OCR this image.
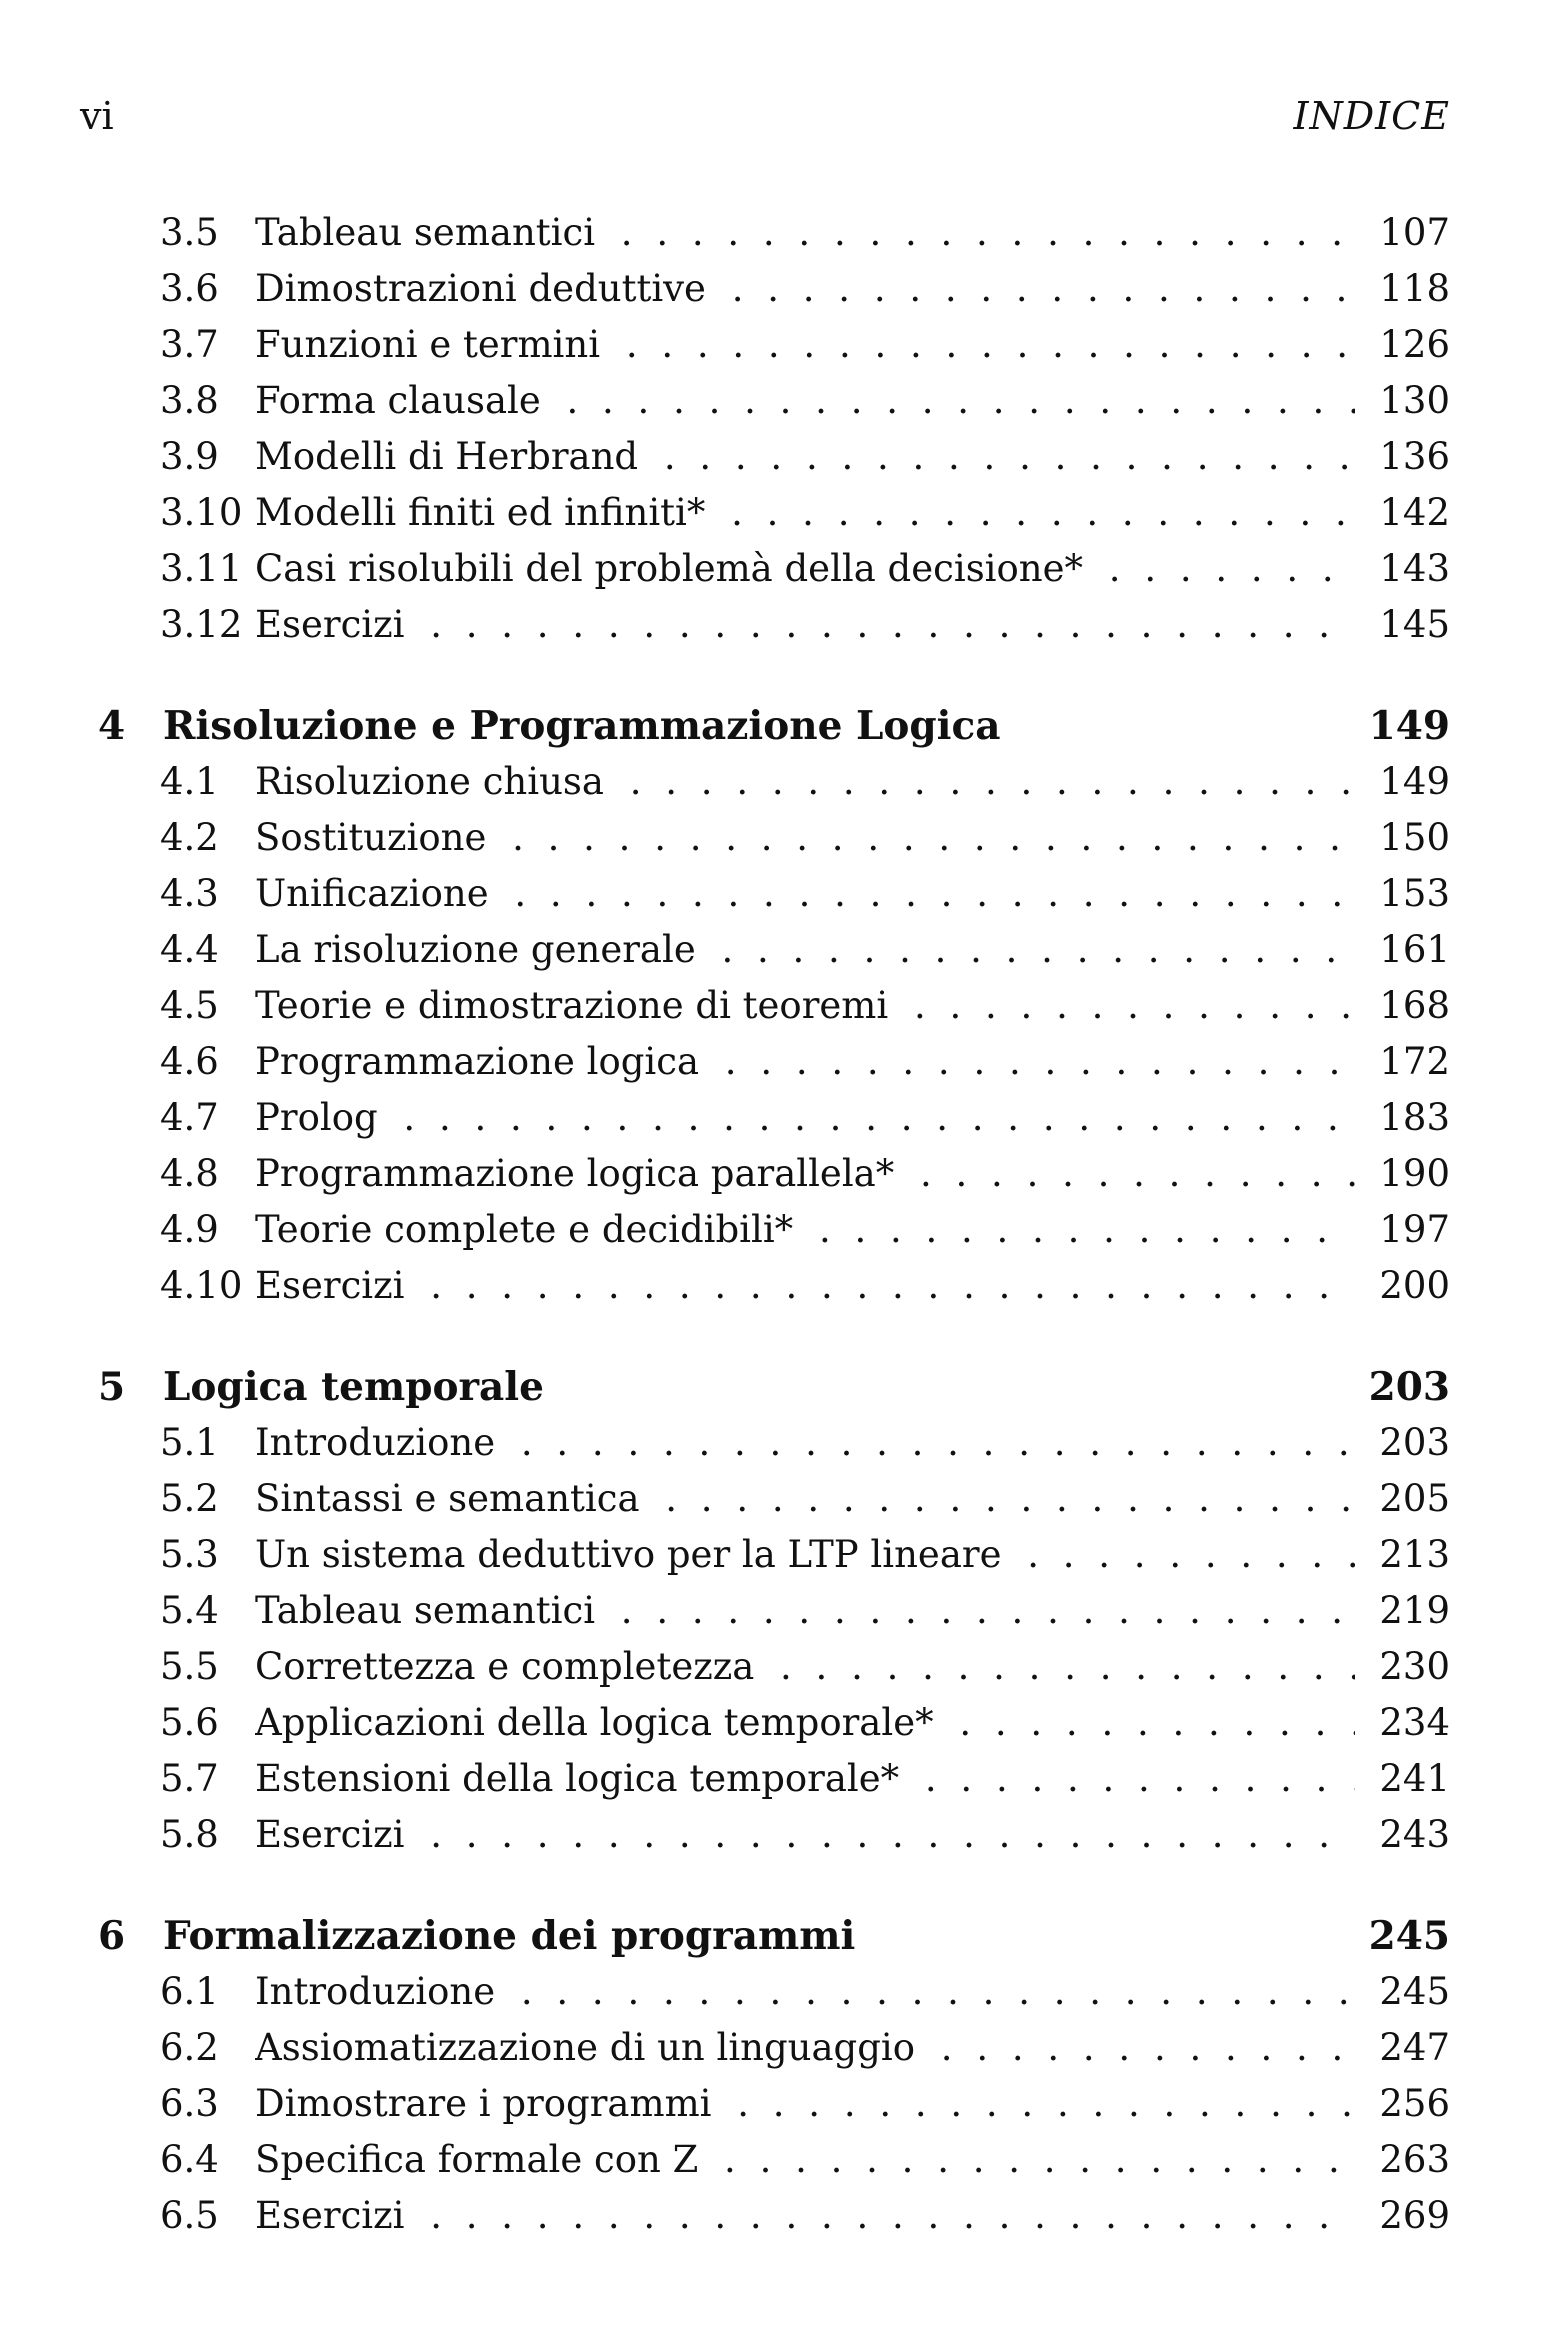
vi	INDICE
3.5 Tableau semantici . . .	107
3.6 Dimostrazioni deduttive . . .	118
3.7 Funzioni e termini . . .	126
3.8 Forma clausale . . .	130
3.9 Modelli di Herbrand . . .	136
3.10 Modelli finiti ed infiniti* . . .	142
3.11 Casi risolubili del problemà della decisione* . . .	143
3.12 Esercizi . . .	145
4 Risoluzione e Programmazione Logica	149
4.1 Risoluzione chiusa . . .	149
4.2 Sostituzione . . .	150
4.3 Unificazione . . .	153
4.4 La risoluzione generale . . .	161
4.5 Teorie e dimostrazione di teoremi . . .	168
4.6 Programmazione logica . . .	172
4.7 Prolog . . .	183
4.8 Programmazione logica parallela* . . .	190
4.9 Teorie complete e decidibili* . . .	197
4.10 Esercizi . . .	200
5 Logica temporale	203
5.1 Introduzione . . .	203
5.2 Sintassi e semantica . . .	205
5.3 Un sistema deduttivo per la LTP lineare . . .	213
5.4 Tableau semantici . . .	219
5.5 Correttezza e completezza . . .	230
5.6 Applicazioni della logica temporale* . . .	234
5.7 Estensioni della logica temporale* . . .	241
5.8 Esercizi . . .	243
6 Formalizzazione dei programmi	245
6.1 Introduzione . . .	245
6.2 Assiomatizzazione di un linguaggio . . .	247
6.3 Dimostrare i programmi . . .	256
6.4 Specifica formale con Z . . .	263
6.5 Esercizi . . .	269
